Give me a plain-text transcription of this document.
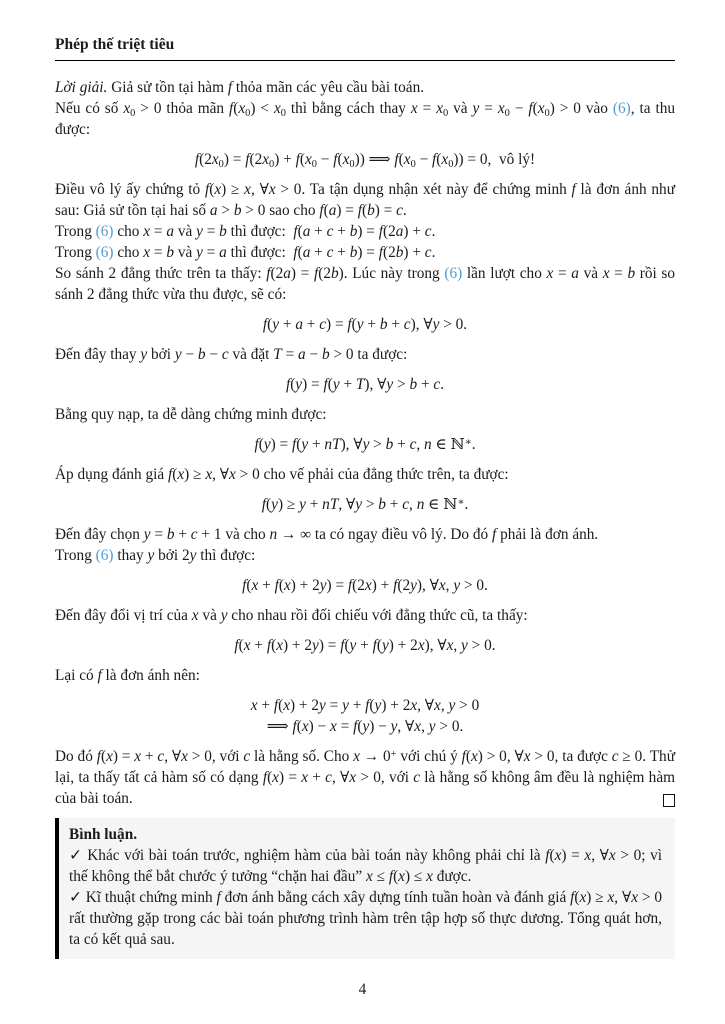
Phép thế triệt tiêu
Lời giải. Giả sử tồn tại hàm f thỏa mãn các yêu cầu bài toán.
Nếu có số $x_0 > 0$ thỏa mãn $f(x_0) < x_0$ thì bằng cách thay $x = x_0$ và $y = x_0 - f(x_0) > 0$ vào (6), ta thu được:
$f(2x_0) = f(2x_0) + f(x_0 - f(x_0))$ ⟹ $f(x_0 - f(x_0)) = 0$,  vô lý!
Điều vô lý ấy chứng tỏ f(x) ≥ x, ∀x > 0. Ta tận dụng nhận xét này để chứng minh f là đơn ánh như sau: Giả sử tồn tại hai số a > b > 0 sao cho f(a) = f(b) = c.
Trong (6) cho x = a và y = b thì được:  f(a + c + b) = f(2a) + c.
Trong (6) cho x = b và y = a thì được:  f(a + c + b) = f(2b) + c.
So sánh 2 đẳng thức trên ta thấy: f(2a) = f(2b). Lúc này trong (6) lần lượt cho x = a và x = b rồi so sánh 2 đẳng thức vừa thu được, sẽ có:
f(y + a + c) = f(y + b + c), ∀y > 0.
Đến đây thay y bởi y − b − c và đặt T = a − b > 0 ta được:
f(y) = f(y + T), ∀y > b + c.
Bằng quy nạp, ta dễ dàng chứng minh được:
f(y) = f(y + nT), ∀y > b + c, n ∈ ℕ∗.
Áp dụng đánh giá f(x) ≥ x, ∀x > 0 cho vế phải của đẳng thức trên, ta được:
f(y) ≥ y + nT, ∀y > b + c, n ∈ ℕ∗.
Đến đây chọn y = b + c + 1 và cho n → ∞ ta có ngay điều vô lý. Do đó f phải là đơn ánh.
Trong (6) thay y bởi 2y thì được:
f(x + f(x) + 2y) = f(2x) + f(2y), ∀x, y > 0.
Đến đây đổi vị trí của x và y cho nhau rồi đối chiếu với đẳng thức cũ, ta thấy:
f(x + f(x) + 2y) = f(y + f(y) + 2x), ∀x, y > 0.
Lại có f là đơn ánh nên:
x + f(x) + 2y = y + f(y) + 2x, ∀x, y > 0
⟹ f(x) − x = f(y) − y, ∀x, y > 0.
Do đó f(x) = x + c, ∀x > 0, với c là hằng số. Cho x → 0+ với chú ý f(x) > 0, ∀x > 0, ta được c ≥ 0. Thử lại, ta thấy tất cả hàm số có dạng f(x) = x + c, ∀x > 0, với c là hằng số không âm đều là nghiệm hàm của bài toán.
Bình luận.
✓ Khác với bài toán trước, nghiệm hàm của bài toán này không phải chỉ là f(x) = x, ∀x > 0; vì thế không thể bắt chước ý tưởng “chặn hai đầu” x ≤ f(x) ≤ x được.
✓ Kĩ thuật chứng minh f đơn ánh bằng cách xây dựng tính tuần hoàn và đánh giá f(x) ≥ x, ∀x > 0 rất thường gặp trong các bài toán phương trình hàm trên tập hợp số thực dương. Tổng quát hơn, ta có kết quả sau.
4
